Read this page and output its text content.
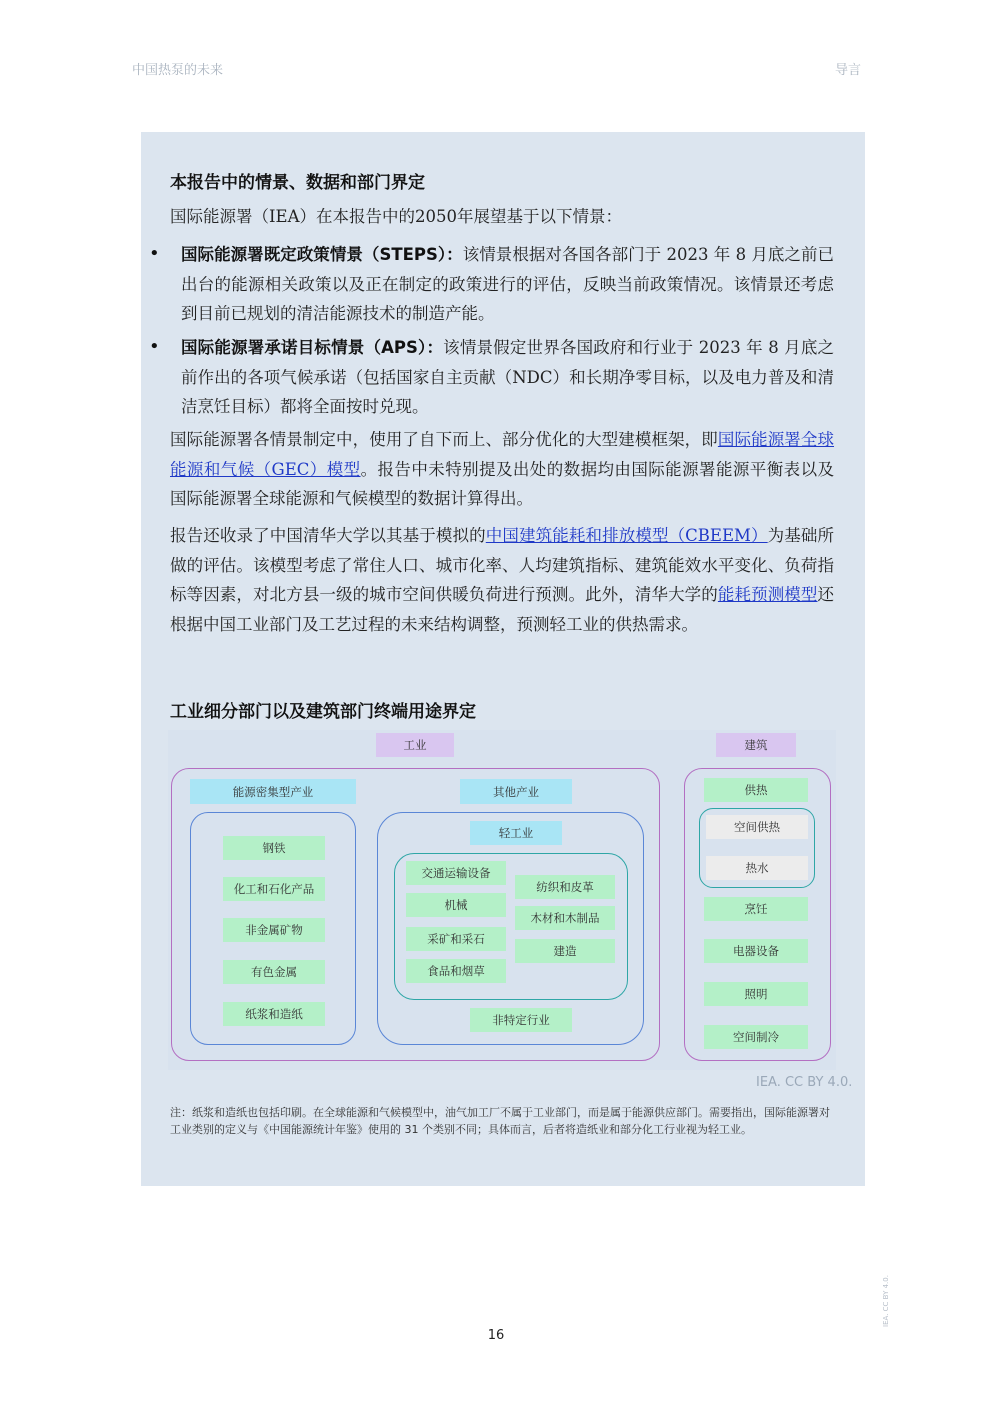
中国热泵的未来	导言
本报告中的情景、数据和部门界定
国际能源署（IEA）在本报告中的2050年展望基于以下情景：
• 国际能源署既定政策情景（STEPS）：该情景根据对各国各部门于 2023 年 8 月底之前已出台的能源相关政策以及正在制定的政策进行的评估，反映当前政策情况。该情景还考虑到目前已规划的清洁能源技术的制造产能。
• 国际能源署承诺目标情景（APS）：该情景假定世界各国政府和行业于 2023 年 8 月底之前作出的各项气候承诺（包括国家自主贡献（NDC）和长期净零目标，以及电力普及和清洁烹饪目标）都将全面按时兑现。
国际能源署各情景制定中，使用了自下而上、部分优化的大型建模框架，即国际能源署全球能源和气候（GEC）模型。报告中未特别提及出处的数据均由国际能源署能源平衡表以及国际能源署全球能源和气候模型的数据计算得出。
报告还收录了中国清华大学以其基于模拟的中国建筑能耗和排放模型（CBEEM）为基础所做的评估。该模型考虑了常住人口、城市化率、人均建筑指标、建筑能效水平变化、负荷指标等因素，对北方县一级的城市空间供暖负荷进行预测。此外，清华大学的能耗预测模型还根据中国工业部门及工艺过程的未来结构调整，预测轻工业的供热需求。
工业细分部门以及建筑部门终端用途界定
工业
能源密集型产业
钢铁
化工和石化产品
非金属矿物
有色金属
纸浆和造纸
其他产业
轻工业
交通运输设备
机械
采矿和采石
食品和烟草
纺织和皮革
木材和木制品
建造
非特定行业
建筑
供热
空间供热
热水
烹饪
电器设备
照明
空间制冷
IEA. CC BY 4.0.
注：纸浆和造纸也包括印刷。在全球能源和气候模型中，油气加工厂不属于工业部门，而是属于能源供应部门。需要指出，国际能源署对工业类别的定义与《中国能源统计年鉴》使用的 31 个类别不同；具体而言，后者将造纸业和部分化工行业视为轻工业。
16
IEA. CC BY 4.0.
